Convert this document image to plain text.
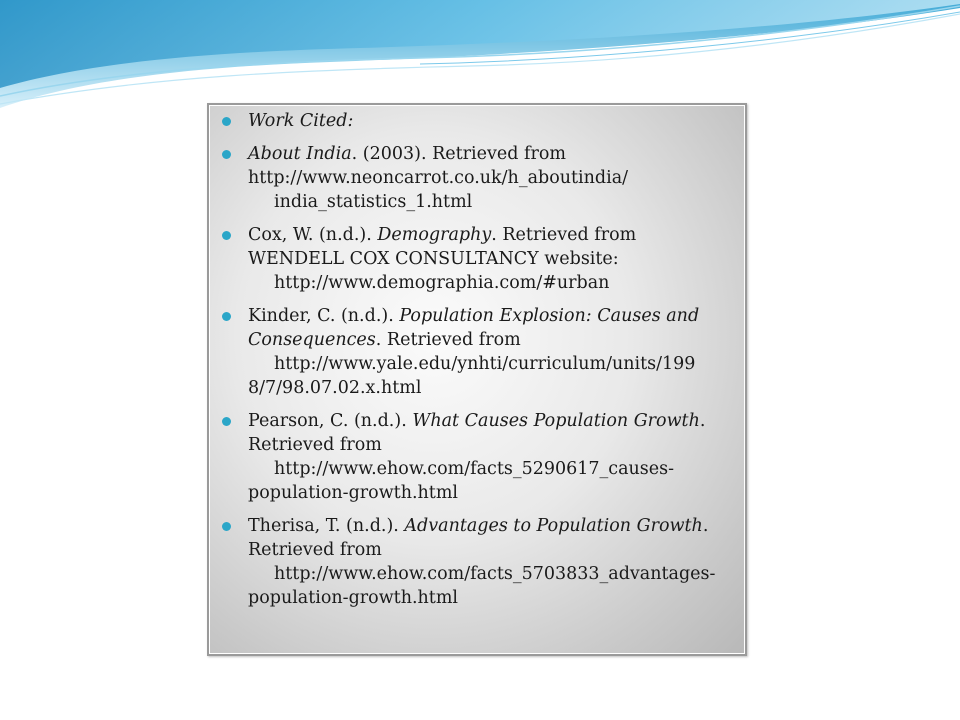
Work Cited:
About India. (2003). Retrieved from
http://www.neoncarrot.co.uk/h_aboutindia/
india_statistics_1.html
Cox, W. (n.d.). Demography. Retrieved from
WENDELL COX CONSULTANCY website:
http://www.demographia.com/#urban
Kinder, C. (n.d.). Population Explosion: Causes and
Consequences. Retrieved from
http://www.yale.edu/ynhti/curriculum/units/199
8/7/98.07.02.x.html
Pearson, C. (n.d.). What Causes Population Growth.
Retrieved from
http://www.ehow.com/facts_5290617_causes-
population-growth.html
Therisa, T. (n.d.). Advantages to Population Growth.
Retrieved from
http://www.ehow.com/facts_5703833_advantages-
population-growth.html
